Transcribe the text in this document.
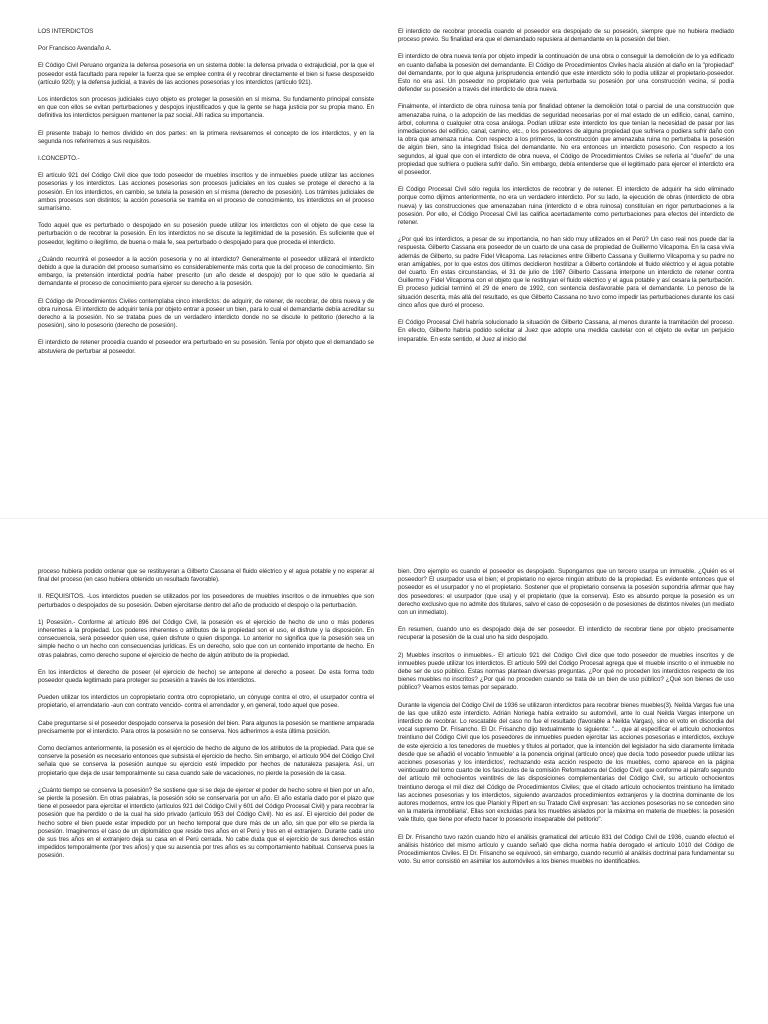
LOS INTERDICTOS

Por Francisco Avendaño A.

El Código Civil Peruano organiza la defensa posesoria en un sistema doble: la defensa privada o extrajudicial, por la que el poseedor está facultado para repeler la fuerza que se emplee contra él y recobrar directamente el bien si fuese desposeído (artículo 920); y la defensa judicial, a través de las acciones posesorias y los interdictos (artículo 921).

Los interdictos son procesos judiciales cuyo objeto es proteger la posesión en sí misma. Su fundamento principal consiste en que con ellos se evitan perturbaciones y despojos injustificados y que la gente se haga justicia por su propia mano. En definitiva los interdictos persiguen mantener la paz social. Allí radica su importancia.

El presente trabajo lo hemos dividido en dos partes: en la primera revisaremos el concepto de los interdictos, y en la segunda nos referiremos a sus requisitos.

I.CONCEPTO.-

El artículo 921 del Código Civil dice que todo poseedor de muebles inscritos y de inmuebles puede utilizar las acciones posesorias y los interdictos. Las acciones posesorias son procesos judiciales en los cuales se protege el derecho a la posesión. En los interdictos, en cambio, se tutela la posesión en sí misma (derecho de posesión). Los trámites judiciales de ambos procesos son distintos; la acción posesoria se tramita en el proceso de conocimiento, los interdictos en el proceso sumarísimo.

Todo aquel que es perturbado o despojado en su posesión puede utilizar los interdictos con el objeto de que cese la perturbación o de recobrar la posesión. En los interdictos no se discute la legitimidad de la posesión. Es suficiente que el poseedor, legítimo o ilegítimo, de buena o mala fe, sea perturbado o despojado para que proceda el interdicto.

¿Cuándo recurrirá el poseedor a la acción posesoria y no al interdicto? Generalmente el poseedor utilizará el interdicto debido a que la duración del proceso sumarísimo es considerablemente más corta que la del proceso de conocimiento. Sin embargo, la pretensión interdictal podría haber prescrito (un año desde el despojo) por lo que sólo le quedaría al demandante el proceso de conocimiento para ejercer su derecho a la posesión.

El Código de Procedimientos Civiles contemplaba cinco interdictos: de adquirir, de retener, de recobrar, de obra nueva y de obra ruinosa. El interdicto de adquirir tenía por objeto entrar a poseer un bien, para lo cual el demandante debía acreditar su derecho a la posesión. No se trataba pues de un verdadero interdicto donde no se discute lo petitorio (derecho a la posesión), sino lo posesorio (derecho de posesión).

El interdicto de retener procedía cuando el poseedor era perturbado en su posesión. Tenía por objeto que el demandado se abstuviera de perturbar al poseedor.

El interdicto de recobrar procedía cuando el poseedor era despojado de su posesión, siempre que no hubiera mediado proceso previo. Su finalidad era que el demandado repusiera al demandante en la posesión del bien.

El interdicto de obra nueva tenía por objeto impedir la continuación de una obra o conseguir la demolición de lo ya edificado en cuanto dañaba la posesión del demandante. El Código de Procedimientos Civiles hacía alusión al daño en la "propiedad" del demandante, por lo que alguna jurisprudencia entendió que este interdicto sólo lo podía utilizar el propietario-poseedor. Esto no era así. Un poseedor no propietario que veía perturbada su posesión por una construcción vecina, sí podía defender su posesión a través del interdicto de obra nueva.

Finalmente, el interdicto de obra ruinosa tenía por finalidad obtener la demolición total o parcial de una construcción que amenazaba ruina, o la adopción de las medidas de seguridad necesarias por el mal estado de un edificio, canal, camino, árbol, columna o cualquier otra cosa análoga. Podían utilizar este interdicto los que tenían la necesidad de pasar por las inmediaciones del edificio, canal, camino, etc., o los poseedores de alguna propiedad que sufriera o pudiera sufrir daño con la obra que amenaza ruina. Con respecto a los primeros, la construcción que amenazaba ruina no perturbaba la posesión de algún bien, sino la integridad física del demandante. No era entonces un interdicto posesorio. Con respecto a los segundos, al igual que con el interdicto de obra nueva, el Código de Procedimientos Civiles se refería al "dueño" de una propiedad que sufriera o pudiera sufrir daño. Sin embargo, debía entenderse que el legitimado para ejercer el interdicto era el poseedor.

El Código Procesal Civil sólo regula los interdictos de recobrar y de retener. El interdicto de adquirir ha sido eliminado porque como dijimos anteriormente, no era un verdadero interdicto. Por su lado, la ejecución de obras (interdicto de obra nueva) y las construcciones que amenazaban ruina (interdicto d e obra ruinosa) constituían en rigor perturbaciones a la posesión. Por ello, el Código Procesal Civil las califica acertadamente como perturbaciones para efectos del interdicto de retener.

¿Por qué los interdictos, a pesar de su importancia, no han sido muy utilizados en el Perú? Un caso real nos puede dar la respuesta. Gilberto Cassana era poseedor de un cuarto de una casa de propiedad de Guillermo Vilcapoma. En la casa vivía además de Gilberto, su padre Fidel Vilcapoma. Las relaciones entre Gilberto Cassana y Guillermo Vilcapoma y su padre no eran amigables, por lo que estos dos últimos decidieron hostilizar a Gilberto cortándole el fluido eléctrico y el agua potable del cuarto. En estas circunstancias, el 31 de julio de 1987 Gilberto Cassana interpone un interdicto de retener contra Guillermo y Fidel Vilcapoma con el objeto que le restituyan el fluido eléctrico y el agua potable y así cesara la perturbación. El proceso judicial terminó el 29 de enero de 1992, con sentencia desfavorable para el demandante. Lo penoso de la situación descrita, más allá del resultado, es que Gilberto Cassana no tuvo como impedir las perturbaciones durante los casi cinco años que duró el proceso.

El Código Procesal Civil habría solucionado la situación de Gilberto Cassana, al menos durante la tramitación del proceso. En efecto, Gilberto habría podido solicitar al Juez que adopte una medida cautelar con el objeto de evitar un perjuicio irreparable. En este sentido, el Juez al inicio del

proceso hubiera podido ordenar que se restituyeran a Gilberto Cassana el fluido eléctrico y el agua potable y no esperar al final del proceso (en caso hubiera obtenido un resultado favorable).

II. REQUISITOS. -Los interdictos pueden se utilizados por los poseedores de muebles inscritos o de inmuebles que son perturbados o despojados de su posesión. Deben ejercitarse dentro del año de producido el despojo o la perturbación.

1) Posesión.- Conforme al artículo 896 del Código Civil, la posesión es el ejercicio de hecho de uno o más poderes inherentes a la propiedad. Los poderes inherentes o atributos de la propiedad son el uso, el disfrute y la disposición. En consecuencia, será poseedor quien use, quien disfrute o quien disponga. Lo anterior no significa que la posesión sea un simple hecho o un hecho con consecuencias jurídicas. Es un derecho, solo que con un contenido importante de hecho. En otras palabras, como derecho supone el ejercicio de hecho de algún atributo de la propiedad.

En los interdictos el derecho de poseer (el ejercicio de hecho) se antepone al derecho a poseer. De esta forma todo poseedor queda legitimado para proteger su posesión a través de los interdictos.

Pueden utilizar los interdictos un copropietario contra otro copropietario, un cónyuge contra el otro, el usurpador contra el propietario, el arrendatario -aun con contrato vencido- contra el arrendador y, en general, todo aquel que posee.

Cabe preguntarse si el poseedor despojado conserva la posesión del bien. Para algunos la posesión se mantiene amparada precisamente por el interdicto. Para otros la posesión no se conserva. Nos adherimos a esta última posición.

Como decíamos anteriormente, la posesión es el ejercicio de hecho de alguno de los atributos de la propiedad. Para que se conserve la posesión es necesario entonces que subsista el ejercicio de hecho. Sin embargo, el artículo 904 del Código Civil señala que se conserva la posesión aunque su ejercicio esté impedido por hechos de naturaleza pasajera. Así, un propietario que deja de usar temporalmente su casa cuando sale de vacaciones, no pierde la posesión de la casa.

¿Cuánto tiempo se conserva la posesión? Se sostiene que si se deja de ejercer el poder de hecho sobre el bien por un año, se pierde la posesión. En otras palabras, la posesión sólo se conservaría por un año. El año estaría dado por el plazo que tiene el poseedor para ejercitar el interdicto (artículos 921 del Código Civil y 601 del Código Procesal Civil) y para recobrar la posesión que ha perdido o de la cual ha sido privado (artículo 953 del Código Civil). No es así. El ejercicio del poder de hecho sobre el bien puede estar impedido por un hecho temporal que dure más de un año, sin que por ello se pierda la posesión. Imaginemos el caso de un diplomático que reside tres años en el Perú y tres en el extranjero. Durante cada uno de sus tres años en el extranjero deja su casa en el Perú cerrada. No cabe duda que el ejercicio de sus derechos están impedidos temporalmente (por tres años) y que su ausencia por tres años es su comportamiento habitual. Conserva pues la posesión.

bien. Otro ejemplo es cuando el poseedor es despojado. Supongamos que un tercero usurpa un inmueble. ¿Quién es el poseedor? El usurpador usa el bien; el propietario no ejerce ningún atributo de la propiedad. Es evidente entonces que el poseedor es el usurpador y no el propietario. Sostener que el propietario conserva la posesión supondría afirmar que hay dos poseedores: el usurpador (que usa) y el propietario (que la conserva). Esto es absurdo porque la posesión es un derecho exclusivo que no admite dos titulares, salvo el caso de coposesión o de posesiones de distintos niveles (un mediato con un inmediato).

En resumen, cuando uno es despojado deja de ser poseedor. El interdicto de recobrar tiene por objeto precisamente recuperar la posesión de la cual uno ha sido despojado.

2) Muebles inscritos o inmuebles.- El artículo 921 del Código Civil dice que todo poseedor de muebles inscritos y de inmuebles puede utilizar los interdictos. El artículo 599 del Código Procesal agrega que el mueble inscrito o el inmueble no debe ser de uso público. Estas normas plantean diversas preguntas. ¿Por qué no proceden los interdictos respecto de los bienes muebles no inscritos? ¿Por qué no proceden cuando se trata de un bien de uso público? ¿Qué son bienes de uso público? Veamos estos temas por separado.

Durante la vigencia del Código Civil de 1936 se utilizaron interdictos para recobrar bienes muebles(3). Neilda Vargas fue una de las que utilizó este interdicto. Adrián Noriega había extraído su automóvil, ante lo cual Neilda Vargas interpone un interdicto de recobrar. Lo rescatable del caso no fue el resultado (favorable a Neilda Vargas), sino el voto en discordia del vocal supremo Dr. Frisancho. El Dr. Frisancho dijo textualmente lo siguiente: "... que al especificar el artículo ochocientos treintiuno del Código Civil que los poseedores de inmuebles pueden ejercitar las acciones posesorias e interdictos, excluye de este ejercicio a los tenedores de muebles y títulos al portador, que la intención del legislador ha sido claramente limitada desde que se añadió el vocablo 'inmueble' a la ponencia original (artículo once) que decía 'todo poseedor puede utilizar las acciones posesorias y los interdictos', rechazando esta acción respecto de los muebles, como aparece en la página veinticuatro del tomo cuarto de los fascículos de la comisión Reformadora del Código Civil; que conforme al párrafo segundo del artículo mil ochocientos veintitrés de las disposiciones complementarias del Código Civil, su artículo ochocientos treintiuno deroga el mil diez del Código de Procedimientos Civiles; que el citado artículo ochocientos treintiuno ha limitado las acciones posesorias y los interdictos, siguiendo avanzados procedimientos extranjeros y la doctrina dominante de los autores modernos, entre los que Planiol y Ripert en su Tratado Civil expresan: 'las acciones posesorias no se conceden sino en la materia inmobiliaria'. Ellas son excluidas para los muebles aislados por la máxima en materia de muebles: la posesión vale título, que tiene por efecto hacer lo posesorio inseparable del petitorio".

El Dr. Frisancho tuvo razón cuando hizo el análisis gramatical del artículo 831 del Código Civil de 1936, cuando efectuó el análisis histórico del mismo artículo y cuando señaló que dicha norma había derogado el artículo 1010 del Código de Procedimientos Civiles. El Dr. Frisancho se equivocó, sin embargo, cuando recurrió al análisis doctrinal para fundamentar su voto. Su error consistió en asimilar los automóviles a los bienes muebles no identificables.
